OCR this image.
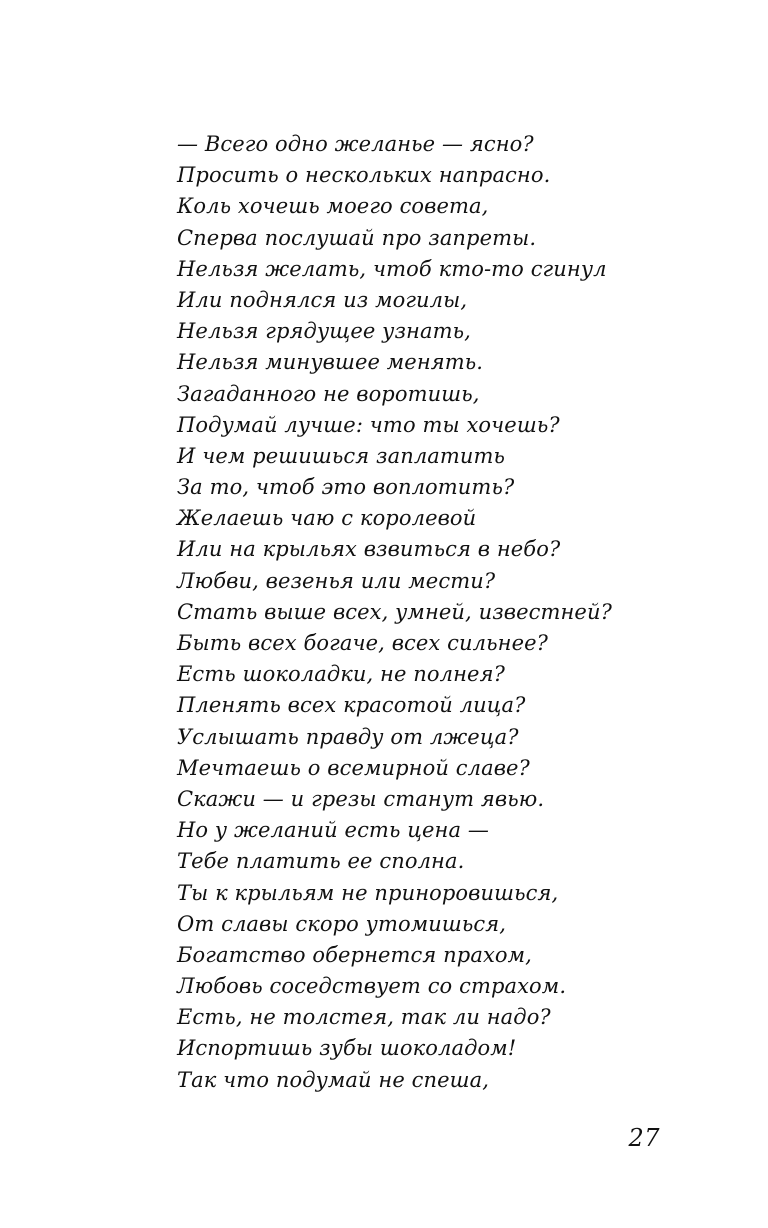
— Всего одно желанье — ясно?
Просить о нескольких напрасно.
Коль хочешь моего совета,
Сперва послушай про запреты.
Нельзя желать, чтоб кто-то сгинул
Или поднялся из могилы,
Нельзя грядущее узнать,
Нельзя минувшее менять.
Загаданного не воротишь,
Подумай лучше: что ты хочешь?
И чем решишься заплатить
За то, чтоб это воплотить?
Желаешь чаю с королевой
Или на крыльях взвиться в небо?
Любви, везенья или мести?
Стать выше всех, умней, известней?
Быть всех богаче, всех сильнее?
Есть шоколадки, не полнея?
Пленять всех красотой лица?
Услышать правду от лжеца?
Мечтаешь о всемирной славе?
Скажи — и грезы станут явью.
Но у желаний есть цена —
Тебе платить ее сполна.
Ты к крыльям не приноровишься,
От славы скоро утомишься,
Богатство обернется прахом,
Любовь соседствует со страхом.
Есть, не толстея, так ли надо?
Испортишь зубы шоколадом!
Так что подумай не спеша,
27
